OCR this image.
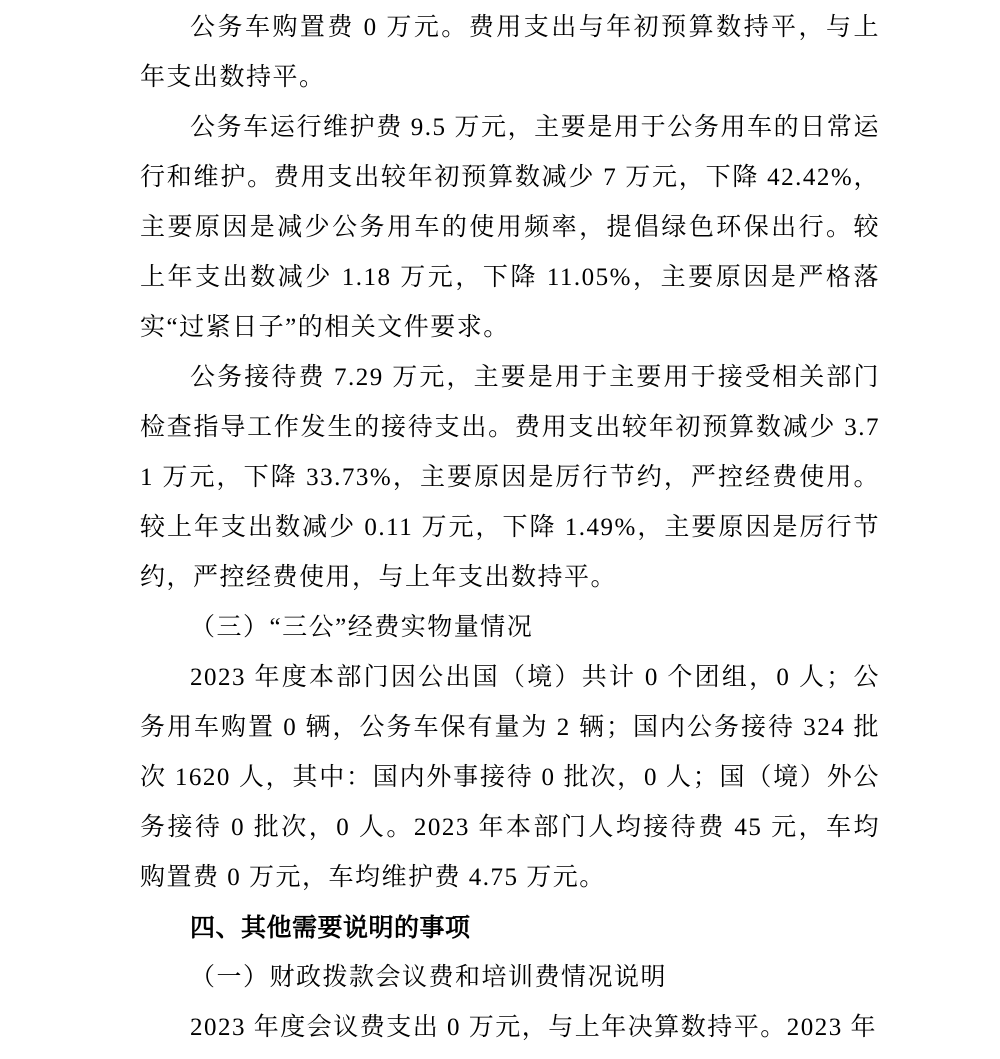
公务车购置费 0 万元。费用支出与年初预算数持平，与上年支出数持平。

公务车运行维护费 9.5 万元，主要是用于公务用车的日常运行和维护。费用支出较年初预算数减少 7 万元，下降 42.42%，主要原因是减少公务用车的使用频率，提倡绿色环保出行。较上年支出数减少 1.18 万元，下降 11.05%，主要原因是严格落实“过紧日子”的相关文件要求。

公务接待费 7.29 万元，主要是用于主要用于接受相关部门检查指导工作发生的接待支出。费用支出较年初预算数减少 3.71 万元，下降 33.73%，主要原因是厉行节约，严控经费使用。较上年支出数减少 0.11 万元，下降 1.49%，主要原因是厉行节约，严控经费使用，与上年支出数持平。

（三）“三公”经费实物量情况

2023 年度本部门因公出国（境）共计 0 个团组，0 人；公务用车购置 0 辆，公务车保有量为 2 辆；国内公务接待 324 批次 1620 人，其中：国内外事接待 0 批次，0 人；国（境）外公务接待 0 批次，0 人。2023 年本部门人均接待费 45 元，车均购置费 0 万元，车均维护费 4.75 万元。

四、其他需要说明的事项

（一）财政拨款会议费和培训费情况说明

2023 年度会议费支出 0 万元，与上年决算数持平。2023 年
